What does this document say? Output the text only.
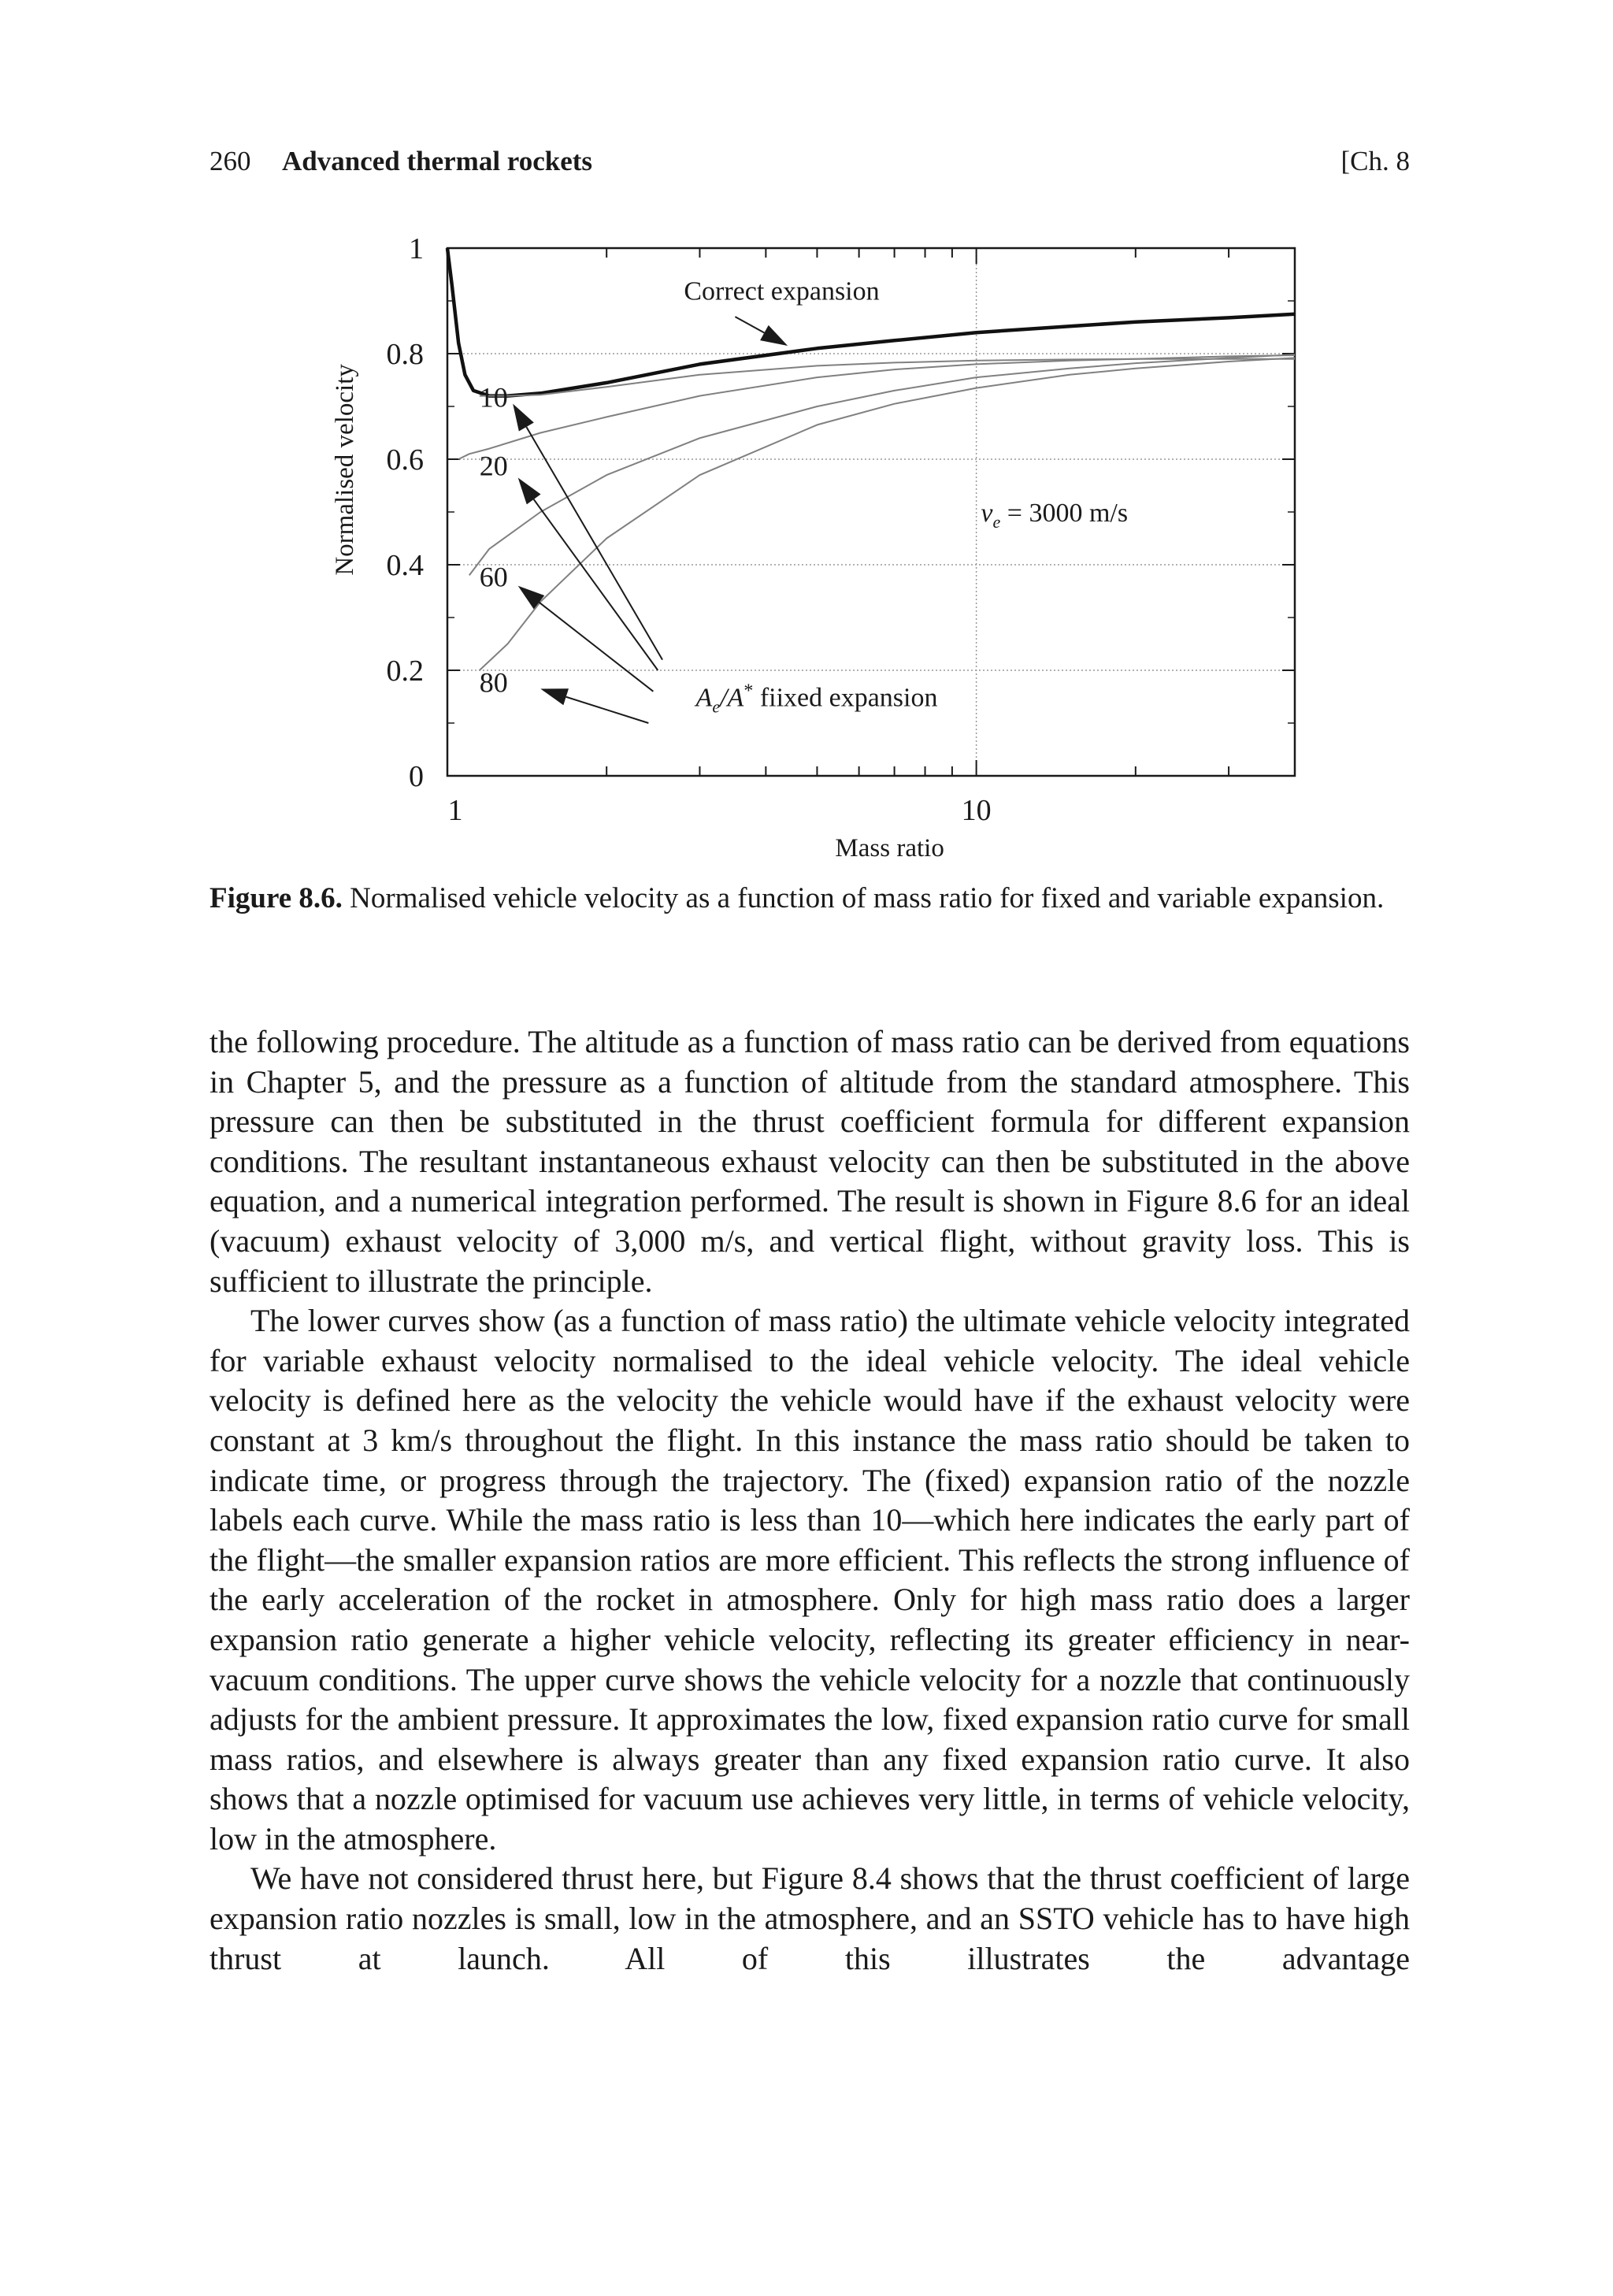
260 Advanced thermal rockets	[Ch. 8
0
0.2
0.4
0.6
0.8
1
1	10
Mass ratio
Normalised velocity	10
20
60
80
Correct expansion
$A_e/A^*$ fiixed expansion
$v_e = 3000$ m/s
Figure 8.6. Normalised vehicle velocity as a function of mass ratio for fixed and variable expansion.

the following procedure. The altitude as a function of mass ratio can be derived from equations in Chapter 5, and the pressure as a function of altitude from the standard atmosphere. This pressure can then be substituted in the thrust coefficient formula for different expansion conditions. The resultant instantaneous exhaust velocity can then be substituted in the above equation, and a numerical integration performed. The result is shown in Figure 8.6 for an ideal (vacuum) exhaust velocity of 3,000 m/s, and vertical flight, without gravity loss. This is sufficient to illustrate the principle.

The lower curves show (as a function of mass ratio) the ultimate vehicle velocity integrated for variable exhaust velocity normalised to the ideal vehicle velocity. The ideal vehicle velocity is defined here as the velocity the vehicle would have if the exhaust velocity were constant at 3 km/s throughout the flight. In this instance the mass ratio should be taken to indicate time, or progress through the trajectory. The (fixed) expansion ratio of the nozzle labels each curve. While the mass ratio is less than 10—which here indicates the early part of the flight—the smaller expansion ratios are more efficient. This reflects the strong influence of the early acceleration of the rocket in atmosphere. Only for high mass ratio does a larger expansion ratio generate a higher vehicle velocity, reflecting its greater efficiency in near-vacuum conditions. The upper curve shows the vehicle velocity for a nozzle that continuously adjusts for the ambient pressure. It approximates the low, fixed expansion ratio curve for small mass ratios, and elsewhere is always greater than any fixed expansion ratio curve. It also shows that a nozzle optimised for vacuum use achieves very little, in terms of vehicle velocity, low in the atmosphere.

We have not considered thrust here, but Figure 8.4 shows that the thrust coefficient of large expansion ratio nozzles is small, low in the atmosphere, and an SSTO vehicle has to have high thrust at launch. All of this illustrates the advantage
